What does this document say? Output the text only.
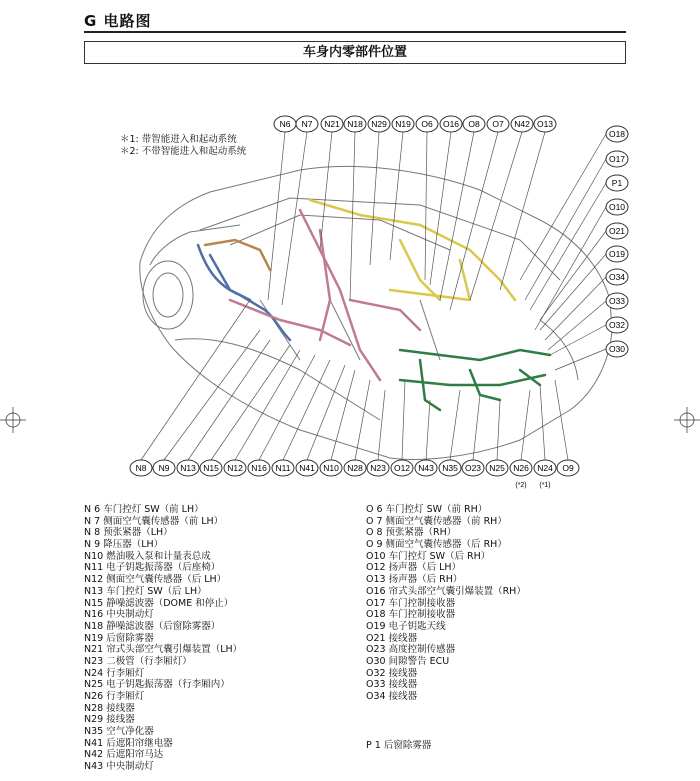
G 电路图
车身内零部件位置
＊1: 带智能进入和起动系统
＊2: 不带智能进入和起动系统
N6 N7 N21 N18 N29 N19 O6 O16 O8 O7 N42 O13
O18
O17
P1
O10
O21
O19
O34
O33
O32
O30
N8 N9 N13 N15 N12 N16 N11 N41 N10 N28 N23 O12 N43 N35 O23 N25 N26 N24 O9
(*2) (*1)
N 6 车门控灯 SW（前 LH）
N 7 侧面空气囊传感器（前 LH）
N 8 预张紧器（LH）
N 9 降压器（LH）
N10 燃油吸入泵和计量表总成
N11 电子钥匙振荡器（后座椅）
N12 侧面空气囊传感器（后 LH）
N13 车门控灯 SW（后 LH）
N15 静噪滤波器（DOME 和停止）
N16 中央制动灯
N18 静噪滤波器（后窗除雾器）
N19 后窗除雾器
N21 帘式头部空气囊引爆装置（LH）
N23 二极管（行李厢灯）
N24 行李厢灯
N25 电子钥匙振荡器（行李厢内）
N26 行李厢灯
N28 接线器
N29 接线器
N35 空气净化器
N41 后遮阳帘继电器
N42 后遮阳帘马达
N43 中央制动灯
O 6 车门控灯 SW（前 RH）
O 7 侧面空气囊传感器（前 RH）
O 8 预张紧器（RH）
O 9 侧面空气囊传感器（后 RH）
O10 车门控灯 SW（后 RH）
O12 扬声器（后 LH）
O13 扬声器（后 RH）
O16 帘式头部空气囊引爆装置（RH）
O17 车门控制接收器
O18 车门控制接收器
O19 电子钥匙天线
O21 接线器
O23 高度控制传感器
O30 间隙警告 ECU
O32 接线器
O33 接线器
O34 接线器

P 1 后窗除雾器
